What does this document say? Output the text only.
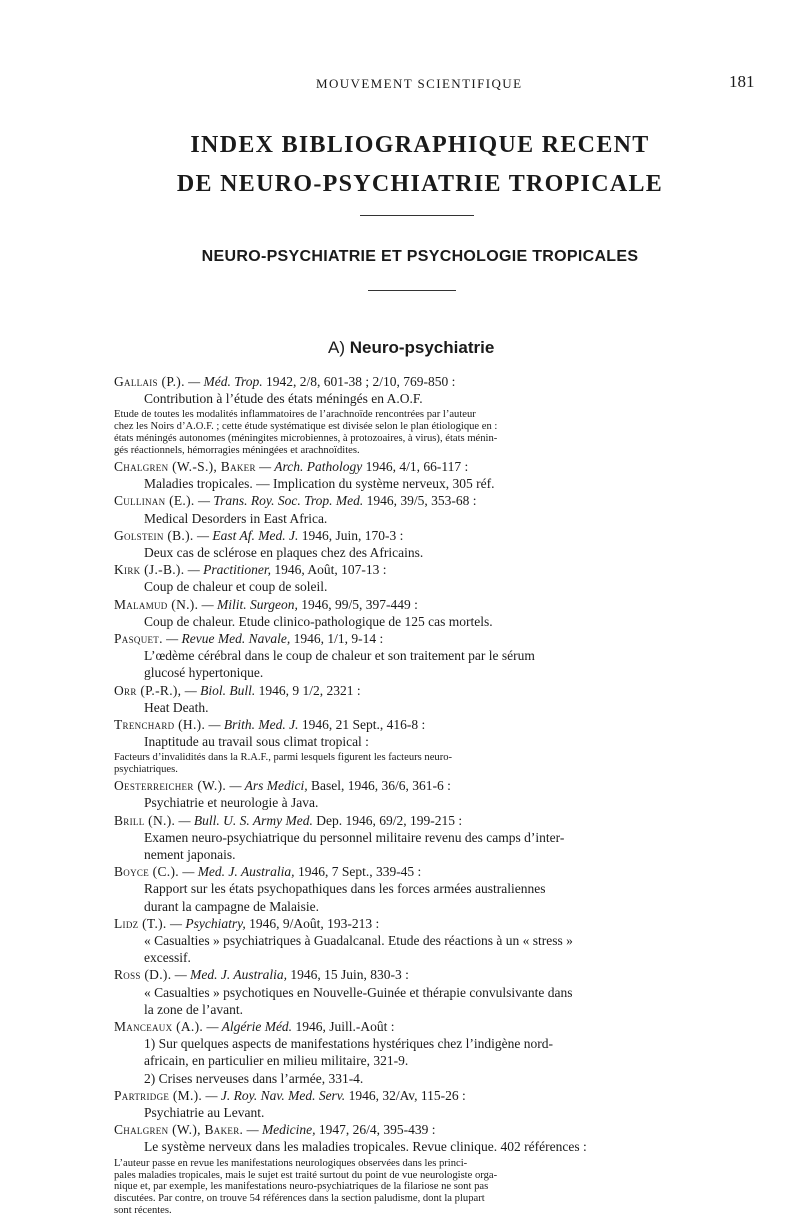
MOUVEMENT SCIENTIFIQUE	181
INDEX BIBLIOGRAPHIQUE RECENT
DE NEURO-PSYCHIATRIE TROPICALE
NEURO-PSYCHIATRIE ET PSYCHOLOGIE TROPICALES
A) Neuro-psychiatrie
Gallais (P.). — Méd. Trop. 1942, 2/8, 601-38 ; 2/10, 769-850 :
Contribution à l’étude des états méningés en A.O.F.
Etude de toutes les modalités inflammatoires de l’arachnoïde rencontrées par l’auteur
chez les Noirs d’A.O.F. ; cette étude systématique est divisée selon le plan étiologique en :
états méningés autonomes (méningites microbiennes, à protozoaires, à virus), états ménin-
gés réactionnels, hémorragies méningées et arachnoïdites.
Chalgren (W.-S.), Baker — Arch. Pathology 1946, 4/1, 66-117 :
Maladies tropicales. — Implication du système nerveux, 305 réf.
Cullinan (E.). — Trans. Roy. Soc. Trop. Med. 1946, 39/5, 353-68 :
Medical Desorders in East Africa.
Golstein (B.). — East Af. Med. J. 1946, Juin, 170-3 :
Deux cas de sclérose en plaques chez des Africains.
Kirk (J.-B.). — Practitioner, 1946, Août, 107-13 :
Coup de chaleur et coup de soleil.
Malamud (N.). — Milit. Surgeon, 1946, 99/5, 397-449 :
Coup de chaleur. Etude clinico-pathologique de 125 cas mortels.
Pasquet. — Revue Med. Navale, 1946, 1/1, 9-14 :
L’œdème cérébral dans le coup de chaleur et son traitement par le sérum
glucosé hypertonique.
Orr (P.-R.), — Biol. Bull. 1946, 9 1/2, 2321 :
Heat Death.
Trenchard (H.). — Brith. Med. J. 1946, 21 Sept., 416-8 :
Inaptitude au travail sous climat tropical :
Facteurs d’invalidités dans la R.A.F., parmi lesquels figurent les facteurs neuro-
psychiatriques.
Oesterreicher (W.). — Ars Medici, Basel, 1946, 36/6, 361-6 :
Psychiatrie et neurologie à Java.
Brill (N.). — Bull. U. S. Army Med. Dep. 1946, 69/2, 199-215 :
Examen neuro-psychiatrique du personnel militaire revenu des camps d’inter-
nement japonais.
Boyce (C.). — Med. J. Australia, 1946, 7 Sept., 339-45 :
Rapport sur les états psychopathiques dans les forces armées australiennes
durant la campagne de Malaisie.
Lidz (T.). — Psychiatry, 1946, 9/Août, 193-213 :
« Casualties » psychiatriques à Guadalcanal. Etude des réactions à un « stress »
excessif.
Ross (D.). — Med. J. Australia, 1946, 15 Juin, 830-3 :
« Casualties » psychotiques en Nouvelle-Guinée et thérapie convulsivante dans
la zone de l’avant.
Manceaux (A.). — Algérie Méd. 1946, Juill.-Août :
1) Sur quelques aspects de manifestations hystériques chez l’indigène nord-
africain, en particulier en milieu militaire, 321-9.
2) Crises nerveuses dans l’armée, 331-4.
Partridge (M.). — J. Roy. Nav. Med. Serv. 1946, 32/Av, 115-26 :
Psychiatrie au Levant.
Chalgren (W.), Baker. — Medicine, 1947, 26/4, 395-439 :
Le système nerveux dans les maladies tropicales. Revue clinique. 402 références :
L’auteur passe en revue les manifestations neurologiques observées dans les princi-
pales maladies tropicales, mais le sujet est traité surtout du point de vue neurologiste orga-
nique et, par exemple, les manifestations neuro-psychiatriques de la filariose ne sont pas
discutées. Par contre, on trouve 54 références dans la section paludisme, dont la plupart
sont récentes.
